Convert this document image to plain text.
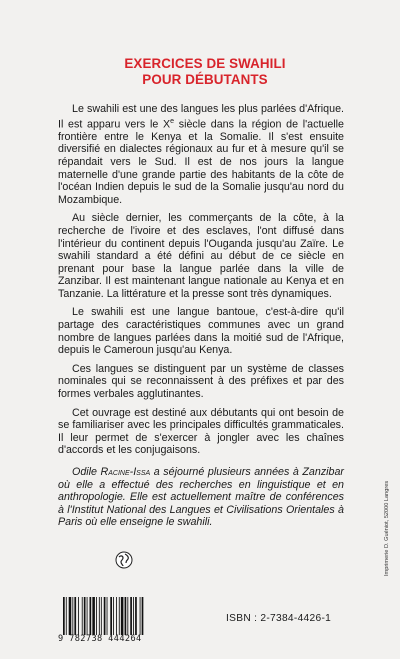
EXERCICES DE SWAHILI
POUR DÉBUTANTS

Le swahili est une des langues les plus parlées d'Afrique. Il est apparu vers le Xe siècle dans la région de l'actuelle frontière entre le Kenya et la Somalie. Il s'est ensuite diversifié en dialectes régionaux au fur et à mesure qu'il se répandait vers le Sud. Il est de nos jours la langue maternelle d'une grande partie des habitants de la côte de l'océan Indien depuis le sud de la Somalie jusqu'au nord du Mozambique.

Au siècle dernier, les commerçants de la côte, à la recherche de l'ivoire et des esclaves, l'ont diffusé dans l'intérieur du continent depuis l'Ouganda jusqu'au Zaïre. Le swahili standard a été défini au début de ce siècle en prenant pour base la langue parlée dans la ville de Zanzibar. Il est maintenant langue nationale au Kenya et en Tanzanie. La littérature et la presse sont très dynamiques.

Le swahili est une langue bantoue, c'est-à-dire qu'il partage des caractéristiques communes avec un grand nombre de langues parlées dans la moitié sud de l'Afrique, depuis le Cameroun jusqu'au Kenya.

Ces langues se distinguent par un système de classes nominales qui se reconnaissent à des préfixes et par des formes verbales agglutinantes.

Cet ouvrage est destiné aux débutants qui ont besoin de se familiariser avec les principales difficultés grammaticales. Il leur permet de s'exercer à jongler avec les chaînes d'accords et les conjugaisons.

Odile Racine-Issa a séjourné plusieurs années à Zanzibar où elle a effectué des recherches en linguistique et en anthropologie. Elle est actuellement maître de conférences à l'Institut National des Langues et Civilisations Orientales à Paris où elle enseigne le swahili.

9 782738 444264
ISBN : 2-7384-4426-1
Imprimerie D. Guéniot, 52000 Langres
